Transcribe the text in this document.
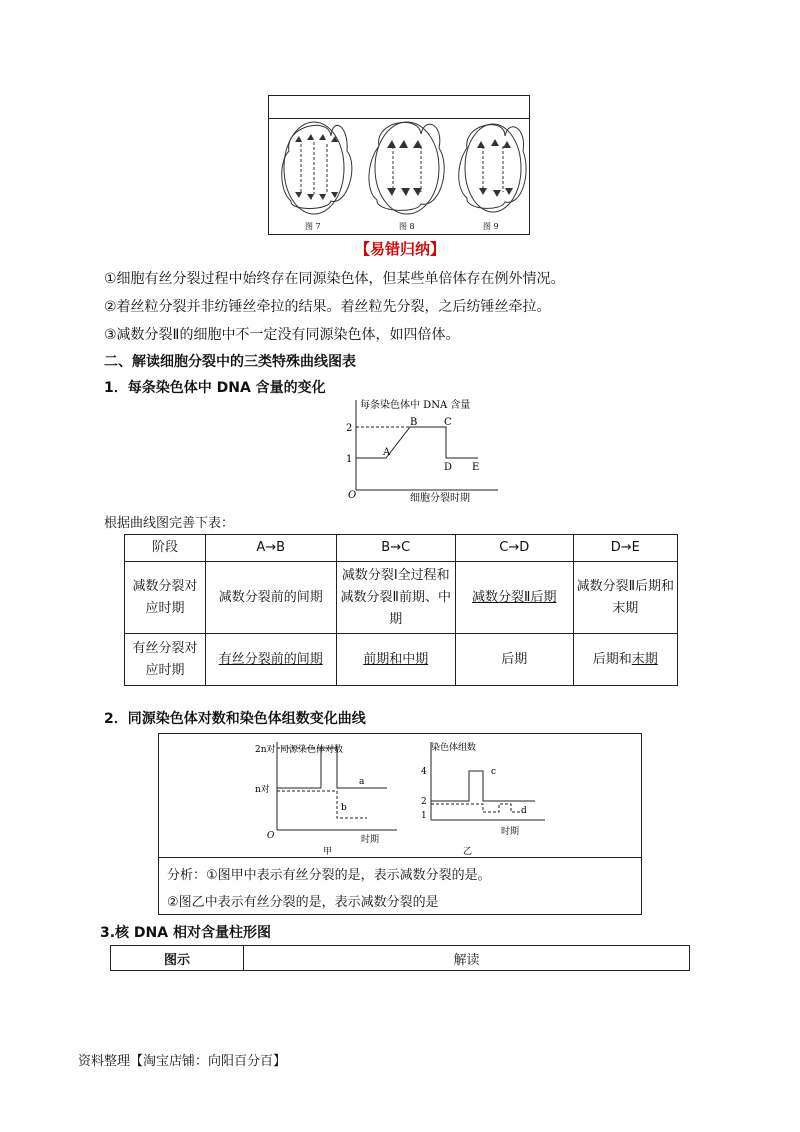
图 7	图 8	图 9
【易错归纳】
①细胞有丝分裂过程中始终存在同源染色体，但某些单倍体存在例外情况。
②着丝粒分裂并非纺锤丝牵拉的结果。着丝粒先分裂，之后纺锤丝牵拉。
③减数分裂Ⅱ的细胞中不一定没有同源染色体，如四倍体。
二、解读细胞分裂中的三类特殊曲线图表
1．每条染色体中 DNA 含量的变化
每条染色体中 DNA 含量
2
1
O
A
B	C
D E
细胞分裂时期
根据曲线图完善下表：
阶段	A→B	B→C	C→D	D→E
减数分裂对应时期	减数分裂前的间期	减数分裂Ⅰ全过程和减数分裂Ⅱ前期、中期	减数分裂Ⅱ后期	减数分裂Ⅱ后期和末期
有丝分裂对应时期	有丝分裂前的间期	前期和中期	后期	后期和末期
2．同源染色体对数和染色体组数变化曲线
2n对 同源染色体对数
n对
O
a
b
时期
甲
染色体组数
4
2
1
c
d
时期
乙
分析：①图甲中表示有丝分裂的是，表示减数分裂的是。
②图乙中表示有丝分裂的是，表示减数分裂的是
3.核 DNA 相对含量柱形图
图示	解读
资料整理【淘宝店铺：向阳百分百】
